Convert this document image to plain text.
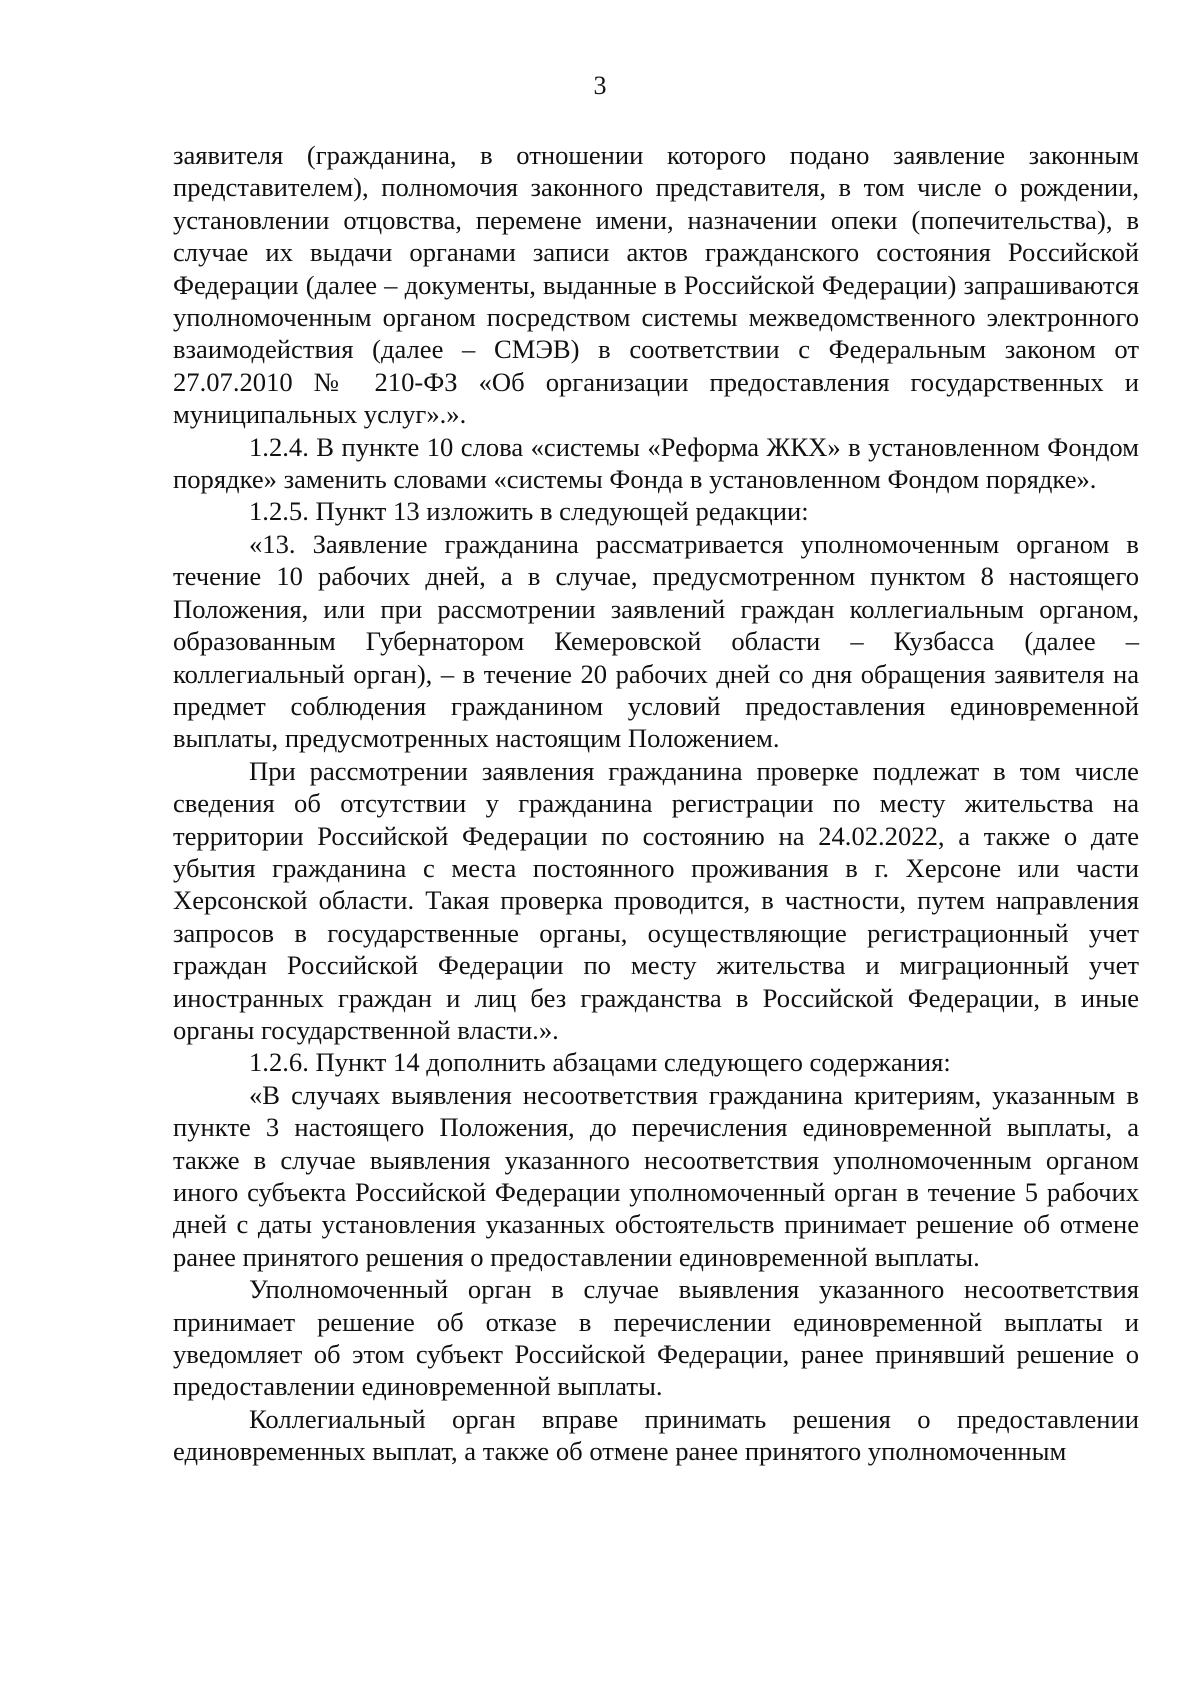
3

заявителя (гражданина, в отношении которого подано заявление законным представителем), полномочия законного представителя, в том числе о рождении, установлении отцовства, перемене имени, назначении опеки (попечительства), в случае их выдачи органами записи актов гражданского состояния Российской Федерации (далее – документы, выданные в Российской Федерации) запрашиваются уполномоченным органом посредством системы межведомственного электронного взаимодействия (далее – СМЭВ) в соответствии с Федеральным законом от 27.07.2010 № 210-ФЗ «Об организации предоставления государственных и муниципальных услуг».».

1.2.4. В пункте 10 слова «системы «Реформа ЖКХ» в установленном Фондом порядке» заменить словами «системы Фонда в установленном Фондом порядке».

1.2.5. Пункт 13 изложить в следующей редакции:

«13. Заявление гражданина рассматривается уполномоченным органом в течение 10 рабочих дней, а в случае, предусмотренном пунктом 8 настоящего Положения, или при рассмотрении заявлений граждан коллегиальным органом, образованным Губернатором Кемеровской области – Кузбасса (далее – коллегиальный орган), – в течение 20 рабочих дней со дня обращения заявителя на предмет соблюдения гражданином условий предоставления единовременной выплаты, предусмотренных настоящим Положением.

При рассмотрении заявления гражданина проверке подлежат в том числе сведения об отсутствии у гражданина регистрации по месту жительства на территории Российской Федерации по состоянию на 24.02.2022, а также о дате убытия гражданина с места постоянного проживания в г. Херсоне или части Херсонской области. Такая проверка проводится, в частности, путем направления запросов в государственные органы, осуществляющие регистрационный учет граждан Российской Федерации по месту жительства и миграционный учет иностранных граждан и лиц без гражданства в Российской Федерации, в иные органы государственной власти.».

1.2.6. Пункт 14 дополнить абзацами следующего содержания:

«В случаях выявления несоответствия гражданина критериям, указанным в пункте 3 настоящего Положения, до перечисления единовременной выплаты, а также в случае выявления указанного несоответствия уполномоченным органом иного субъекта Российской Федерации уполномоченный орган в течение 5 рабочих дней с даты установления указанных обстоятельств принимает решение об отмене ранее принятого решения о предоставлении единовременной выплаты.

Уполномоченный орган в случае выявления указанного несоответствия принимает решение об отказе в перечислении единовременной выплаты и уведомляет об этом субъект Российской Федерации, ранее принявший решение о предоставлении единовременной выплаты.

Коллегиальный орган вправе принимать решения о предоставлении единовременных выплат, а также об отмене ранее принятого уполномоченным
